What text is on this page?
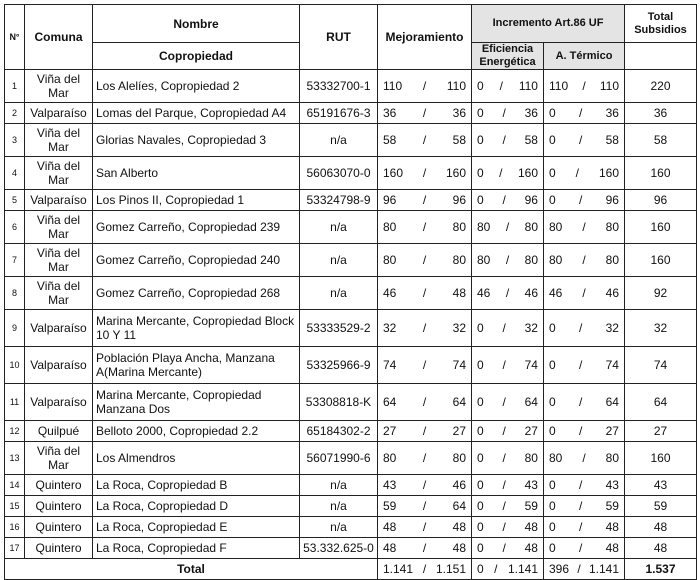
N°	Comuna	Nombre	RUT	Mejoramiento	Incremento Art.86 UF		Total Subsidios
		Copropiedad			Eficiencia Energética	A. Térmico	
1	Viña del Mar	Los Alelíes, Copropiedad 2	53332700-1	110 / 110	0 / 110	110 / 110	220
2	Valparaíso	Lomas del Parque, Copropiedad A4	65191676-3	36 / 36	0 / 36	0 / 36	36
3	Viña del Mar	Glorias Navales, Copropiedad 3	n/a	58 / 58	0 / 58	0 / 58	58
4	Viña del Mar	San Alberto	56063070-0	160 / 160	0 / 160	0 / 160	160
5	Valparaíso	Los Pinos II, Copropiedad 1	53324798-9	96 / 96	0 / 96	0 / 96	96
6	Viña del Mar	Gomez Carreño, Copropiedad 239	n/a	80 / 80	80 / 80	80 / 80	160
7	Viña del Mar	Gomez Carreño, Copropiedad 240	n/a	80 / 80	80 / 80	80 / 80	160
8	Viña del Mar	Gomez Carreño, Copropiedad 268	n/a	46 / 48	46 / 46	46 / 46	92
9	Valparaíso	Marina Mercante, Copropiedad Block 10 Y 11	53333529-2	32 / 32	0 / 32	0 / 32	32
10	Valparaíso	Población Playa Ancha, Manzana A(Marina Mercante)	53325966-9	74 / 74	0 / 74	0 / 74	74
11	Valparaíso	Marina Mercante, Copropiedad Manzana Dos	53308818-K	64 / 64	0 / 64	0 / 64	64
12	Quilpué	Belloto 2000, Copropiedad 2.2	65184302-2	27 / 27	0 / 27	0 / 27	27
13	Viña del Mar	Los Almendros	56071990-6	80 / 80	0 / 80	80 / 80	160
14	Quintero	La Roca, Copropiedad B	n/a	43 / 46	0 / 43	0 / 43	43
15	Quintero	La Roca, Copropiedad D	n/a	59 / 64	0 / 59	0 / 59	59
16	Quintero	La Roca, Copropiedad E	n/a	48 / 48	0 / 48	0 / 48	48
17	Quintero	La Roca, Copropiedad F	53.332.625-0	48 / 48	0 / 48	0 / 48	48
Total				1.141 / 1.151	0 / 1.141	396 / 1.141	1.537
